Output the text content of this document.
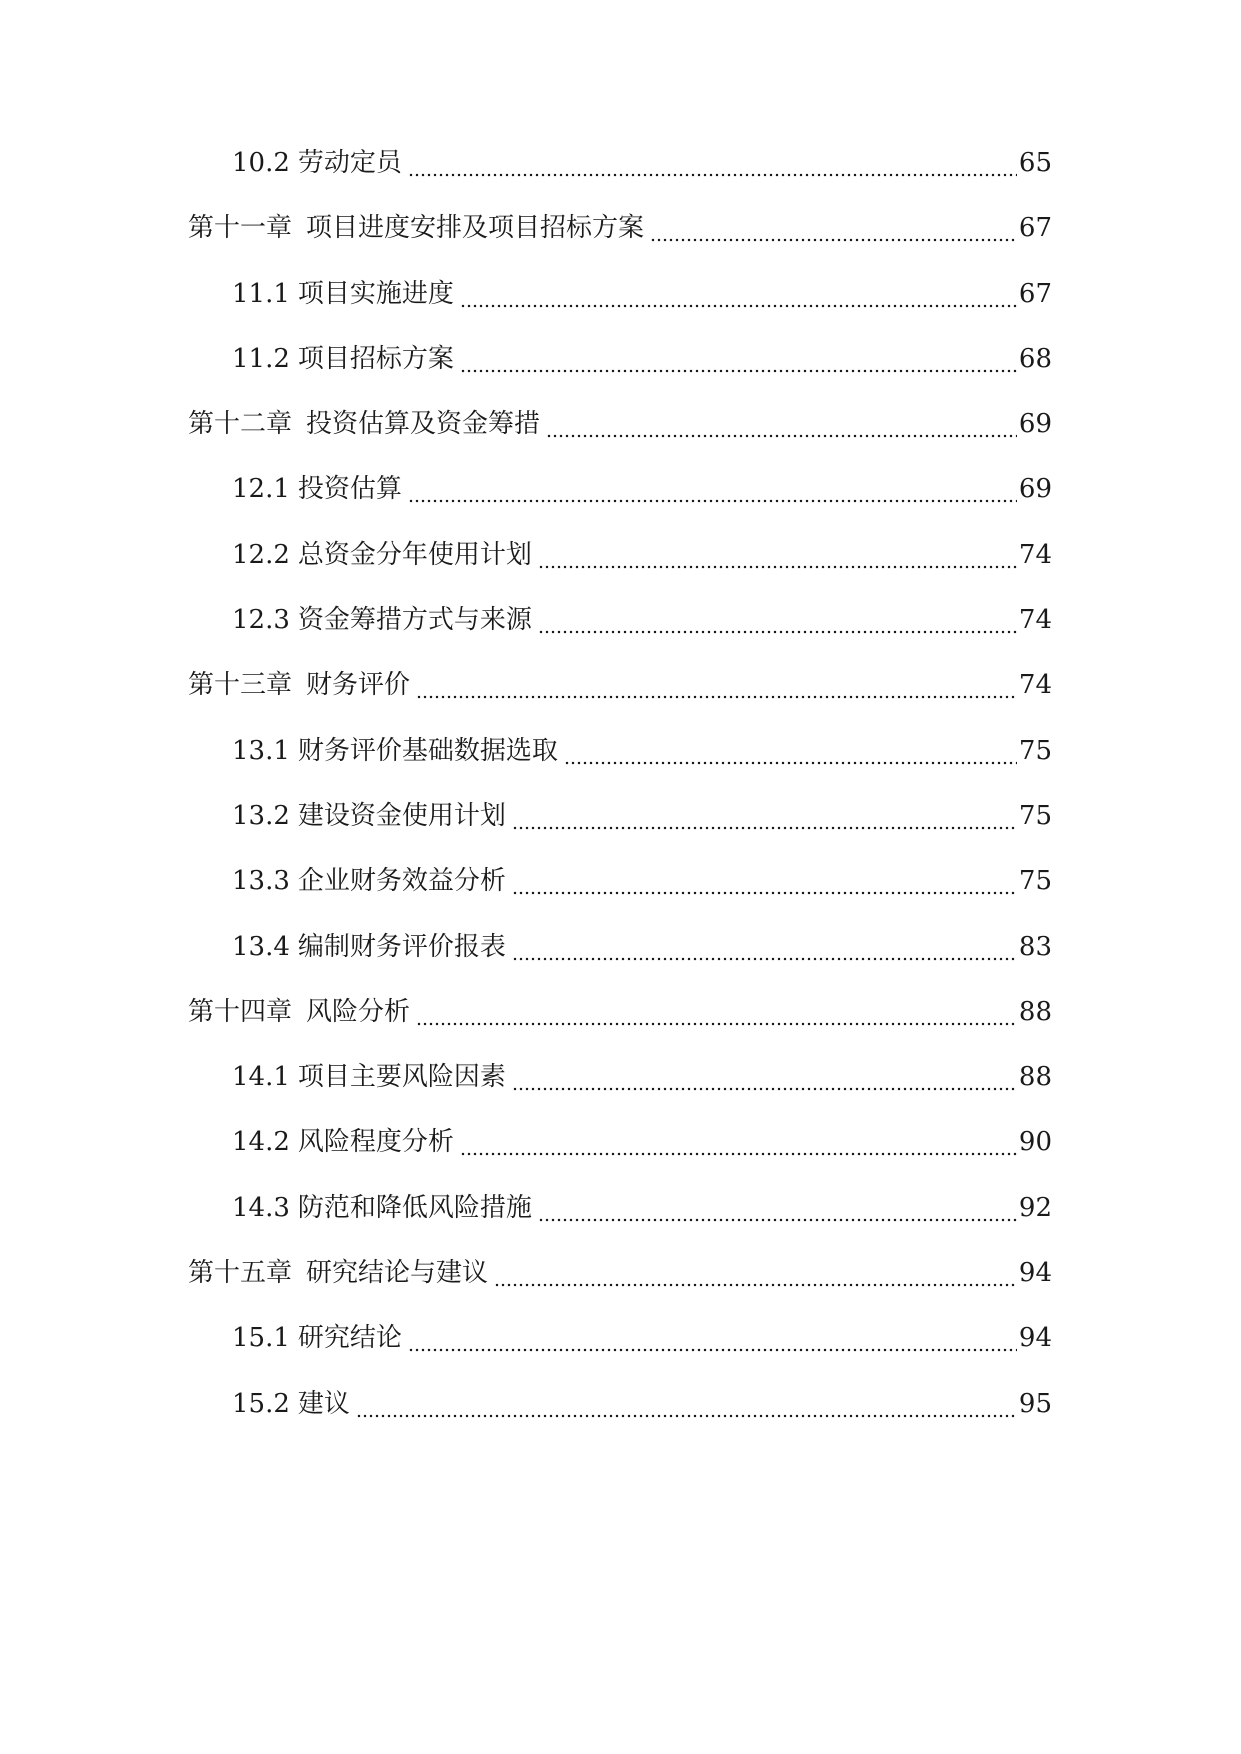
10.2 劳动定员	65
第十一章 项目进度安排及项目招标方案	67
11.1 项目实施进度	67
11.2 项目招标方案	68
第十二章 投资估算及资金筹措	69
12.1 投资估算	69
12.2 总资金分年使用计划	74
12.3 资金筹措方式与来源	74
第十三章 财务评价	74
13.1 财务评价基础数据选取	75
13.2 建设资金使用计划	75
13.3 企业财务效益分析	75
13.4 编制财务评价报表	83
第十四章 风险分析	88
14.1 项目主要风险因素	88
14.2 风险程度分析	90
14.3 防范和降低风险措施	92
第十五章 研究结论与建议	94
15.1 研究结论	94
15.2 建议	95
